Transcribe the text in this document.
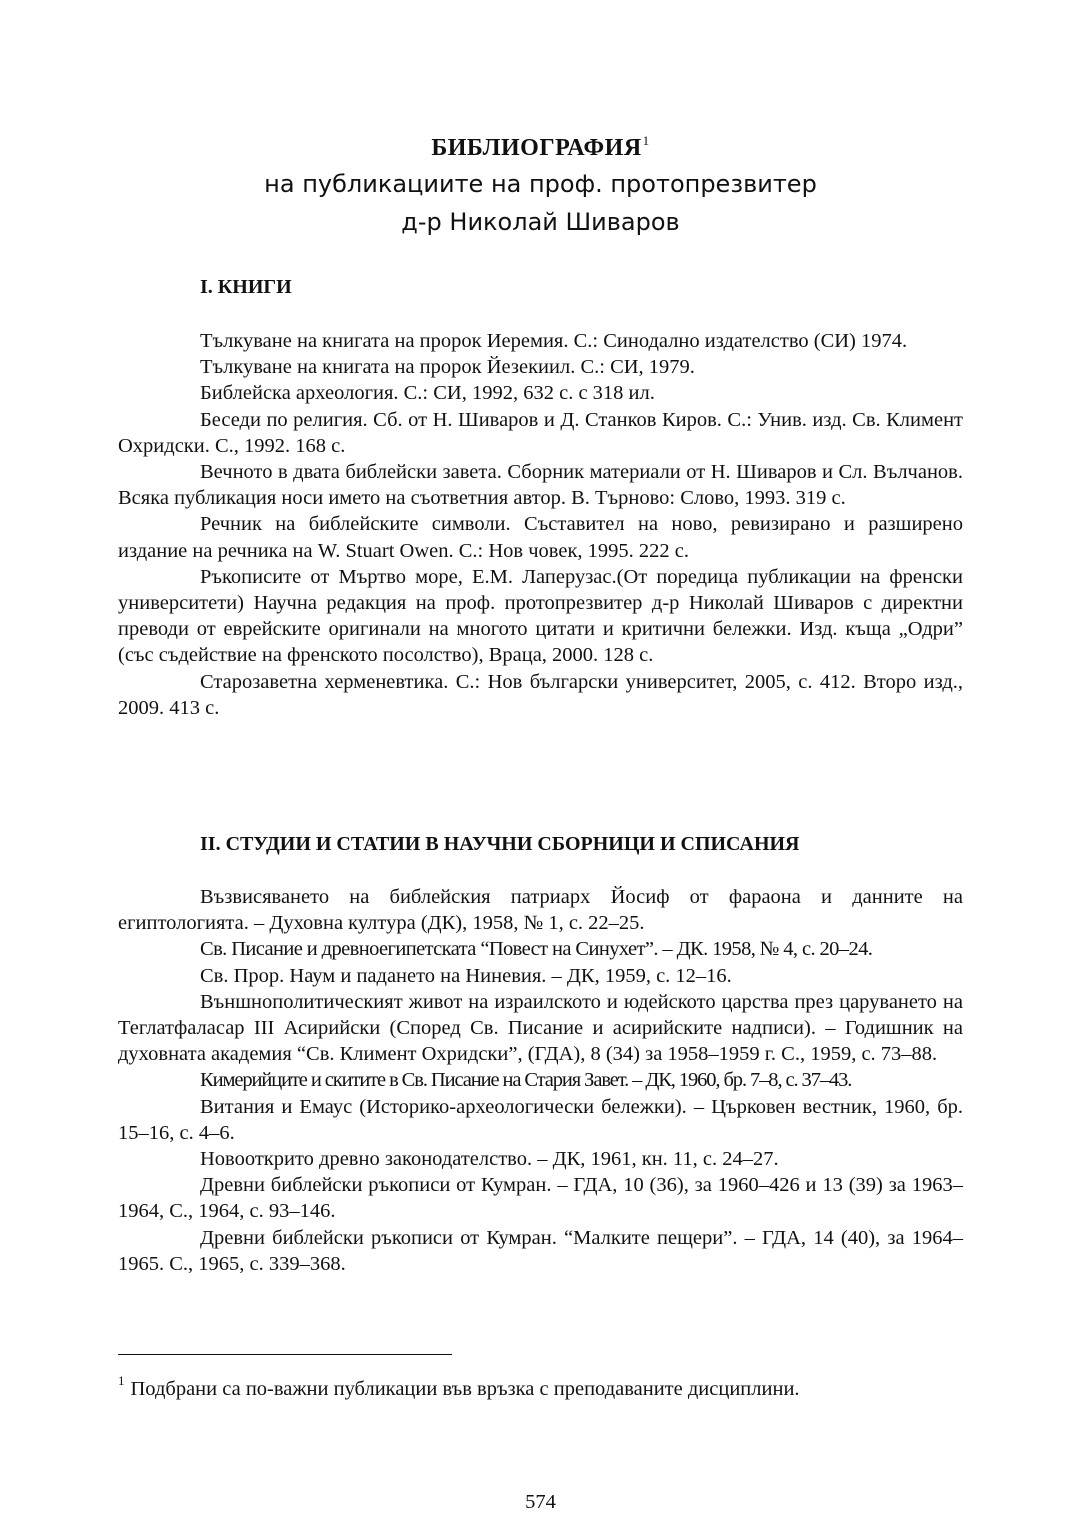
БИБЛИОГРАФИЯ$^1$
на публикациите на проф. протопрезвитер
д-р Николай Шиваров
I. КНИГИ

Тълкуване на книгата на пророк Иеремия. С.: Синодално издателство (СИ) 1974.

Тълкуване на книгата на пророк Йезекиил. С.: СИ, 1979.

Библейска археология. С.: СИ, 1992, 632 с. с 318 ил.

Беседи по религия. Сб. от Н. Шиваров и Д. Станков Киров. С.: Унив. изд. Св. Климент Охридски. С., 1992. 168 с.

Вечното в двата библейски завета. Сборник материали от Н. Шиваров и Сл. Вълчанов. Всяка публикация носи името на съответния автор. В. Търново: Слово, 1993. 319 с.

Речник на библейските символи. Съставител на ново, ревизирано и разширено издание на речника на W. Stuart Owen. С.: Нов човек, 1995. 222 с.

Ръкописите от Мъртво море, Е.М. Лаперузас.(От поредица публикации на френски университети) Научна редакция на проф. протопрезвитер д-р Николай Шиваров с директни преводи от еврейските оригинали на многото цитати и критични бележки. Изд. къща „Одри” (със съдействие на френското посолство), Враца, 2000. 128 с.

Старозаветна херменевтика. С.: Нов български университет, 2005, с. 412. Второ изд., 2009. 413 с.

II. СТУДИИ И СТАТИИ В НАУЧНИ СБОРНИЦИ И СПИСАНИЯ

Възвисяването на библейския патриарх Йосиф от фараона и данните на египтологията. – Духовна култура (ДК), 1958, № 1, с. 22–25.

Св. Писание и древноегипетската “Повест на Синухет”. – ДК. 1958, № 4, с. 20–24.

Св. Прор. Наум и падането на Ниневия. – ДК, 1959, с. 12–16.

Външнополитическият живот на израилското и юдейското царства през царуването на Теглатфаласар III Асирийски (Според Св. Писание и асирийските надписи). – Годишник на духовната академия “Св. Климент Охридски”, (ГДА), 8 (34) за 1958–1959 г. С., 1959, с. 73–88.

Кимерийците и скитите в Св. Писание на Стария Завет. – ДК, 1960, бр. 7–8, с. 37–43.

Витания и Емаус (Историко-археологически бележки). – Църковен вестник, 1960, бр. 15–16, с. 4–6.

Новооткрито древно законодателство. – ДК, 1961, кн. 11, с. 24–27.

Древни библейски ръкописи от Кумран. – ГДА, 10 (36), за 1960–426 и 13 (39) за 1963–1964, С., 1964, с. 93–146.

Древни библейски ръкописи от Кумран. “Малките пещери”. – ГДА, 14 (40), за 1964–1965. С., 1965, с. 339–368.

$^1$ Подбрани са по-важни публикации във връзка с преподаваните дисциплини.
574
